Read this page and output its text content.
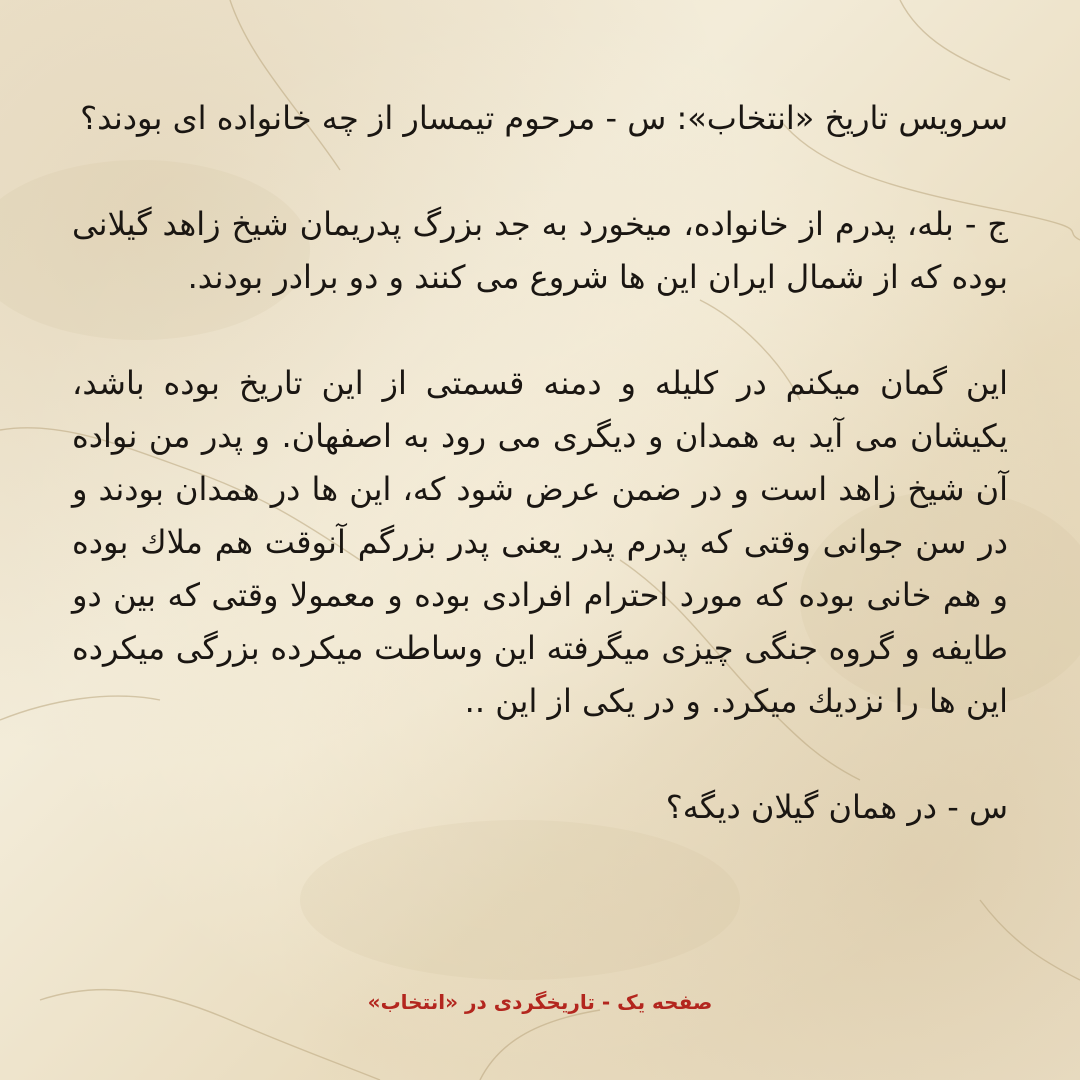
سرویس تاریخ «انتخاب»: س - مرحوم تیمسار از چه خانواده ای بودند؟

ج - بله، پدرم از خانواده، میخورد به جد بزرگ پدریمان شیخ زاهد گیلانی بوده که از شمال ایران این ها شروع می کنند و دو برادر بودند.

این گمان میکنم در کلیله و دمنه قسمتی از این تاریخ بوده باشد، یکیشان می آید به همدان و دیگری می رود به اصفهان. و پدر من نواده آن شیخ زاهد است و در ضمن عرض شود که، این ها در همدان بودند و در سن جوانی وقتی که پدرم پدر یعنی پدر بزرگم آنوقت هم ملاك بوده و هم خانی بوده که مورد احترام افرادی بوده و معمولا وقتی که بین دو طایفه و گروه جنگی چیزی میگرفته این وساطت میکرده بزرگی میکرده این ها را نزدیك میکرد. و در یکی از این ..

س - در همان گیلان دیگه؟

صفحه یک - تاریخگردی در «انتخاب»
